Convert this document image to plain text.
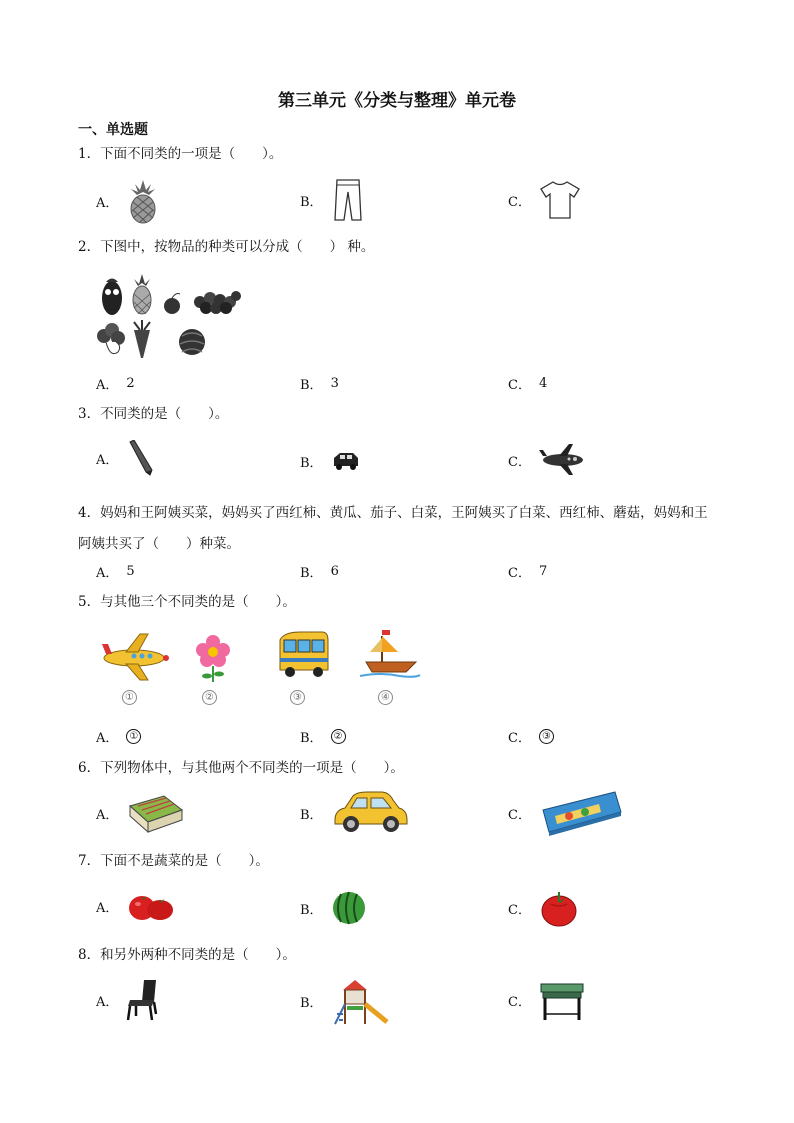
第三单元《分类与整理》单元卷
一、单选题
1．下面不同类的一项是（　　）。
A．	B．	C．
2．下图中，按物品的种类可以分成（　　） 种。
A． 2	B． 3	C． 4
3．不同类的是（　　）。
A．	B．	C．
4．妈妈和王阿姨买菜，妈妈买了西红柿、黄瓜、茄子、白菜，王阿姨买了白菜、西红柿、蘑菇，妈妈和王阿姨共买了（　　）种菜。
A． 5	B． 6	C． 7
5．与其他三个不同类的是（　　）。
①	②	③	④
A．	①	B．	②	C．	③
6．下列物体中，与其他两个不同类的一项是（　　）。
A．	B．	C．
7．下面不是蔬菜的是（　　）。
A．	B．	C．
8．和另外两种不同类的是（　　）。
A．	B．	C．
